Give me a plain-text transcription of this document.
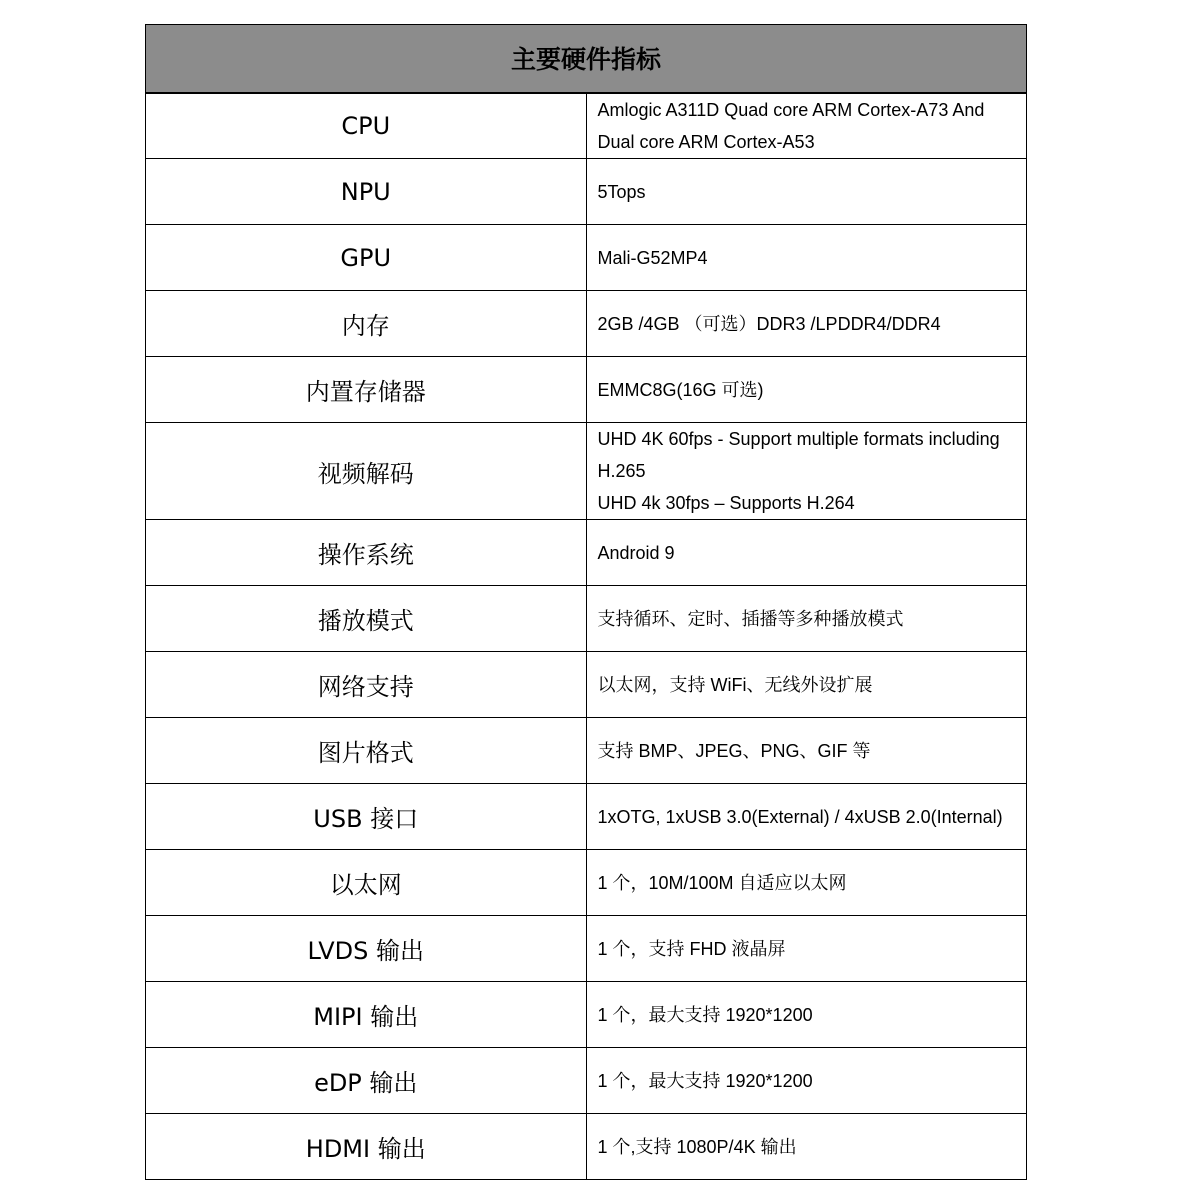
主要硬件指标	
CPU	Amlogic A311D Quad core ARM Cortex-A73 And Dual core ARM Cortex-A53

NPU	5Tops

GPU	Mali-G52MP4

内存	2GB /4GB （可选）DDR3 /LPDDR4/DDR4

内置存储器	EMMC8G(16G 可选)

视频解码	UHD 4K 60fps - Support multiple formats including H.265
UHD 4k 30fps – Supports H.264

操作系统	Android 9

播放模式	支持循环、定时、插播等多种播放模式

网络支持	以太网，支持 WiFi、无线外设扩展

图片格式	支持 BMP、JPEG、PNG、GIF 等

USB 接口	1xOTG, 1xUSB 3.0(External) / 4xUSB 2.0(Internal)

以太网	1 个，10M/100M 自适应以太网

LVDS 输出	1 个，支持 FHD 液晶屏

MIPI 输出	1 个，最大支持 1920*1200

eDP 输出	1 个，最大支持 1920*1200

HDMI 输出	1 个,支持 1080P/4K 输出
